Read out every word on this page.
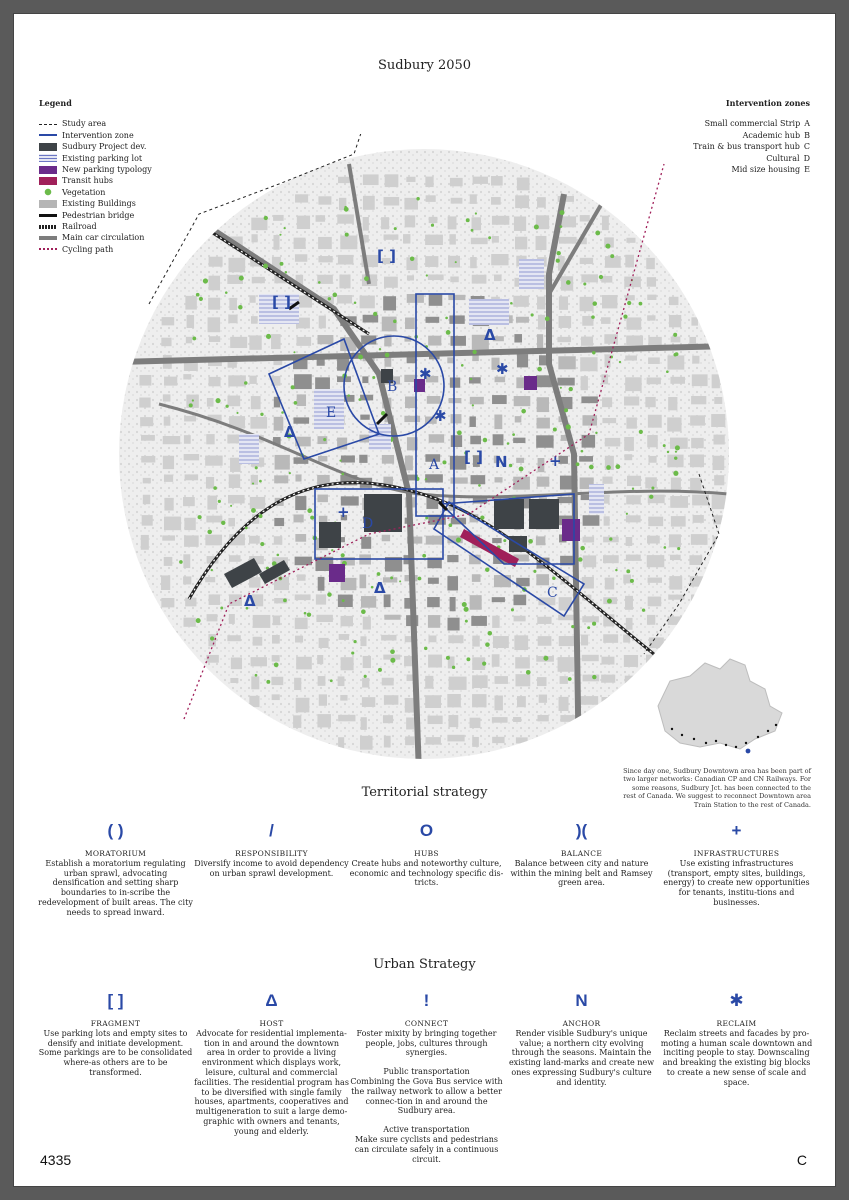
Sudbury 2050
Legend
Study area
Intervention zone
Sudbury Project dev.
Existing parking lot
New parking typology
Transit hubs
Vegetation
Existing Buildings
Pedestrian bridge
Railroad
Main car circulation
Cycling path
Intervention zones
Small commercial Strip A
Academic hub B
Train & bus transport hub C
Cultural D
Mid size housing E
A
B
C
D
E
[ ]
[ ]
[ ]
Δ
Δ
Δ
Δ
✱
✱
✱
+
+
N
Since day one, Sudbury Downtown area has been part of two larger networks: Canadian CP and CN Railways. For some reasons, Sudbury Jct. has been connected to the rest of Canada. We suggest to reconnect Downtown area Train Station to the rest of Canada.
Territorial strategy
( )
MORATORIUM
Establish a moratorium regulating urban sprawl, advocating densification and setting sharp boundaries to in-scribe the redevelopment of built areas. The city needs to spread inward.
/
RESPONSIBILITY
Diversify income to avoid dependency on urban sprawl development.
O
HUBS
Create hubs and noteworthy culture, economic and technology specific dis-tricts.
)(
BALANCE
Balance between city and nature within the mining belt and Ramsey green area.
+
INFRASTRUCTURES
Use existing infrastructures (transport, empty sites, buildings, energy) to create new opportunities for tenants, institu-tions and businesses.
Urban Strategy
[ ]
FRAGMENT
Use parking lots and empty sites to densify and initiate development. Some parkings are to be consolidated where-as others are to be transformed.
Δ
HOST
Advocate for residential implementa-tion in and around the downtown area in order to provide a living environment which displays work, leisure, cultural and commercial facilities. The residential program has to be diversified with single family houses, apartments, cooperatives and multigeneration to suit a large demo-graphic with owners and tenants, young and elderly.
!
CONNECT
Foster mixity by bringing together people, jobs, cultures through synergies.
Public transportation
Combining the Gova Bus service with the railway network to allow a better connec-tion in and around the Sudbury area.
Active transportation
Make sure cyclists and pedestrians can circulate safely in a continuous circuit.
N
ANCHOR
Render visible Sudbury's unique value; a northern city evolving through the seasons. Maintain the existing land-marks and create new ones expressing Sudbury's culture and identity.
✱
RECLAIM
Reclaim streets and facades by pro-moting a human scale downtown and inciting people to stay. Downscaling and breaking the existing big blocks to create a new sense of scale and space.
4335	C
